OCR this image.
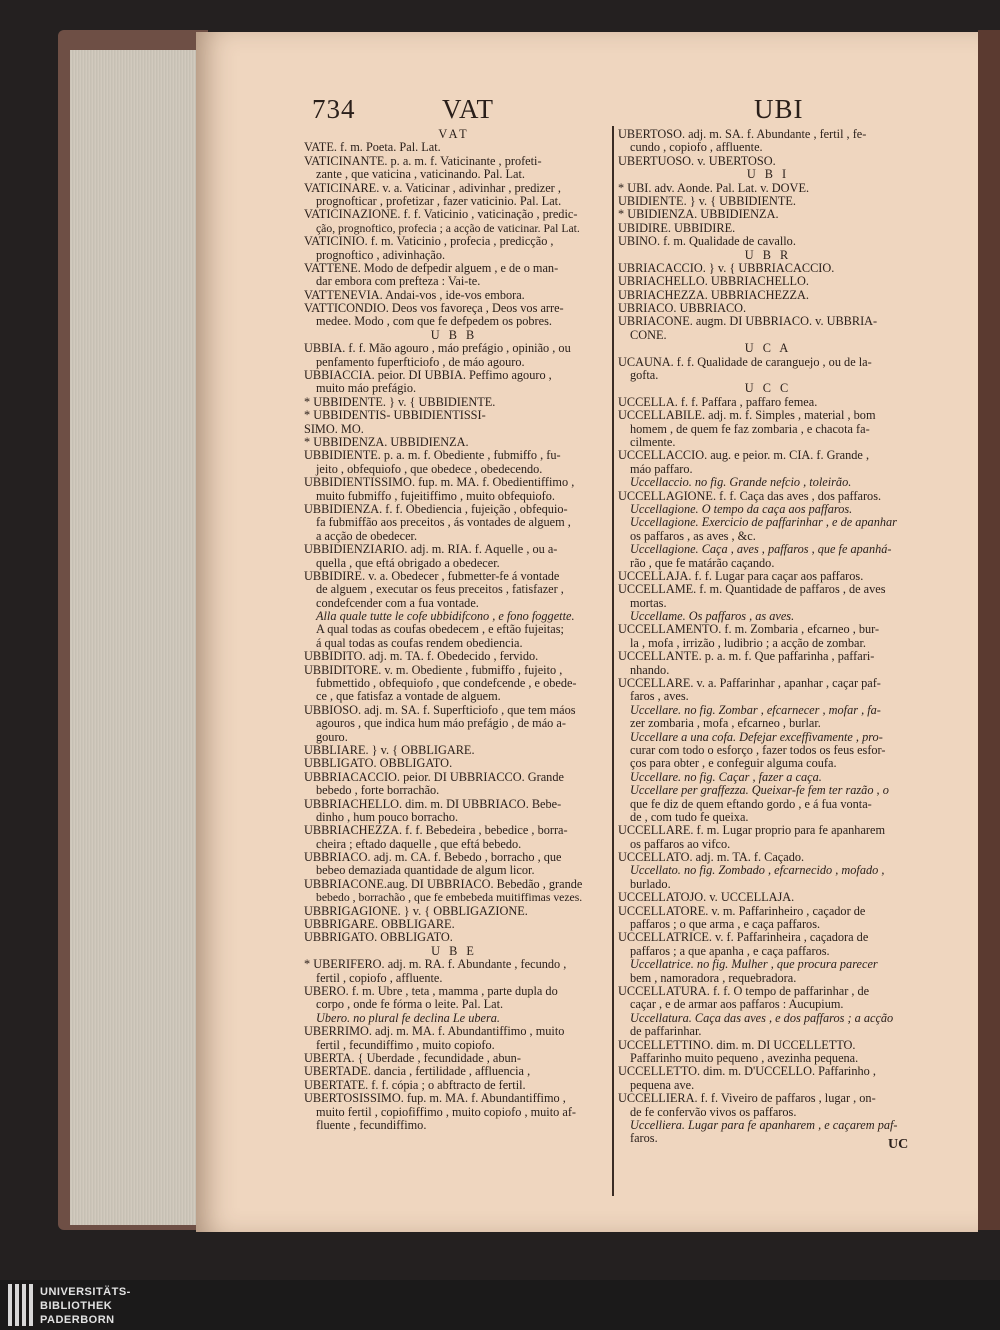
734	VAT	UBI
VAT
VATE. f. m. Poeta. Pal. Lat.
VATICINANTE. p. a. m. f. Vaticinante , profeti-
zante , que vaticina , vaticinando. Pal. Lat.
VATICINARE. v. a. Vaticinar , adivinhar , predizer ,
prognofticar , profetizar , fazer vaticinio. Pal. Lat.
VATICINAZIONE. f. f. Vaticinio , vaticinação , predic-
ção, prognoftico, profecia ; a acção de vaticinar. Pal Lat.
VATICINIO. f. m. Vaticinio , profecia , predicção ,
prognoftico , adivinhação.
VATTENE. Modo de defpedir alguem , e de o man-
dar embora com prefteza : Vai-te.
VATTENEVIA. Andai-vos , ide-vos embora.
VATTICONDIO. Deos vos favoreça , Deos vos arre-
medee. Modo , com que fe defpedem os pobres.
U B B
UBBIA. f. f. Mão agouro , máo prefágio , opinião , ou
penfamento fuperfticiofo , de máo agouro.
UBBIACCIA. peior. DI UBBIA. Peffimo agouro ,
muito máo prefágio.
* UBBIDENTE. } v. { UBBIDIENTE.
* UBBIDENTIS- UBBIDIENTISSI-
SIMO. MO.
* UBBIDENZA. UBBIDIENZA.
UBBIDIENTE. p. a. m. f. Obediente , fubmiffo , fu-
jeito , obfequiofo , que obedece , obedecendo.
UBBIDIENTISSIMO. fup. m. MA. f. Obedientiffimo ,
muito fubmiffo , fujeitiffimo , muito obfequiofo.
UBBIDIENZA. f. f. Obediencia , fujeição , obfequio-
fa fubmiffão aos preceitos , ás vontades de alguem ,
a acção de obedecer.
UBBIDIENZIARIO. adj. m. RIA. f. Aquelle , ou a-
quella , que eftá obrigado a obedecer.
UBBIDIRE. v. a. Obedecer , fubmetter-fe á vontade
de alguem , executar os feus preceitos , fatisfazer ,
condefcender com a fua vontade.
Alla quale tutte le cofe ubbidifcono , e fono foggette.
A qual todas as coufas obedecem , e eftão fujeitas;
á qual todas as coufas rendem obediencia.
UBBIDITO. adj. m. TA. f. Obedecido , fervido.
UBBIDITORE. v. m. Obediente , fubmiffo , fujeito ,
fubmettido , obfequiofo , que condefcende , e obede-
ce , que fatisfaz a vontade de alguem.
UBBIOSO. adj. m. SA. f. Superfticiofo , que tem máos
agouros , que indica hum máo prefágio , de máo a-
gouro.
UBBLIARE. } v. { OBBLIGARE.
UBBLIGATO. OBBLIGATO.
UBBRIACACCIO. peior. DI UBBRIACCO. Grande
bebedo , forte borrachão.
UBBRIACHELLO. dim. m. DI UBBRIACO. Bebe-
dinho , hum pouco borracho.
UBBRIACHEZZA. f. f. Bebedeira , bebedice , borra-
cheira ; eftado daquelle , que eftá bebedo.
UBBRIACO. adj. m. CA. f. Bebedo , borracho , que
bebeo demaziada quantidade de algum licor.
UBBRIACONE.aug. DI UBBRIACO. Bebedão , grande
bebedo , borrachão , que fe embebeda muitiffimas vezes.
UBBRIGAGIONE. } v. { OBBLIGAZIONE.
UBBRIGARE. OBBLIGARE.
UBBRIGATO. OBBLIGATO.
U B E
* UBERIFERO. adj. m. RA. f. Abundante , fecundo ,
fertil , copiofo , affluente.
UBERO. f. m. Ubre , teta , mamma , parte dupla do
corpo , onde fe fórma o leite. Pal. Lat.
Ubero. no plural fe declina Le ubera.
UBERRIMO. adj. m. MA. f. Abundantiffimo , muito
fertil , fecundiffimo , muito copiofo.
UBERTA. { Uberdade , fecundidade , abun-
UBERTADE. dancia , fertilidade , affluencia ,
UBERTATE. f. f. cópia ; o abftracto de fertil.
UBERTOSISSIMO. fup. m. MA. f. Abundantiffimo ,
muito fertil , copiofiffimo , muito copiofo , muito af-
fluente , fecundiffimo.
UBERTOSO. adj. m. SA. f. Abundante , fertil , fe-
cundo , copiofo , affluente.
UBERTUOSO. v. UBERTOSO.
U B I
* UBI. adv. Aonde. Pal. Lat. v. DOVE.
UBIDIENTE. } v. { UBBIDIENTE.
* UBIDIENZA. UBBIDIENZA.
UBIDIRE. UBBIDIRE.
UBINO. f. m. Qualidade de cavallo.
U B R
UBRIACACCIO. } v. { UBBRIACACCIO.
UBRIACHELLO. UBBRIACHELLO.
UBRIACHEZZA. UBBRIACHEZZA.
UBRIACO. UBBRIACO.
UBRIACONE. augm. DI UBBRIACO. v. UBBRIA-
CONE.
U C A
UCAUNA. f. f. Qualidade de caranguejo , ou de la-
gofta.
U C C
UCCELLA. f. f. Paffara , paffaro femea.
UCCELLABILE. adj. m. f. Simples , material , bom
homem , de quem fe faz zombaria , e chacota fa-
cilmente.
UCCELLACCIO. aug. e peior. m. CIA. f. Grande ,
máo paffaro.
Uccellaccio. no fig. Grande nefcio , toleirão.
UCCELLAGIONE. f. f. Caça das aves , dos paffaros.
Uccellagione. O tempo da caça aos paffaros.
Uccellagione. Exercicio de paffarinhar , e de apanhar
os paffaros , as aves , &c.
Uccellagione. Caça , aves , paffaros , que fe apanhá-
rão , que fe matárão caçando.
UCCELLAJA. f. f. Lugar para caçar aos paffaros.
UCCELLAME. f. m. Quantidade de paffaros , de aves
mortas.
Uccellame. Os paffaros , as aves.
UCCELLAMENTO. f. m. Zombaria , efcarneo , bur-
la , mofa , irrizão , ludibrio ; a acção de zombar.
UCCELLANTE. p. a. m. f. Que paffarinha , paffari-
nhando.
UCCELLARE. v. a. Paffarinhar , apanhar , caçar paf-
faros , aves.
Uccellare. no fig. Zombar , efcarnecer , mofar , fa-
zer zombaria , mofa , efcarneo , burlar.
Uccellare a una cofa. Defejar exceffivamente , pro-
curar com todo o esforço , fazer todos os feus esfor-
ços para obter , e confeguir alguma coufa.
Uccellare. no fig. Caçar , fazer a caça.
Uccellare per graffezza. Queixar-fe fem ter razão , o
que fe diz de quem eftando gordo , e á fua vonta-
de , com tudo fe queixa.
UCCELLARE. f. m. Lugar proprio para fe apanharem
os paffaros ao vifco.
UCCELLATO. adj. m. TA. f. Caçado.
Uccellato. no fig. Zombado , efcarnecido , mofado ,
burlado.
UCCELLATOJO. v. UCCELLAJA.
UCCELLATORE. v. m. Paffarinheiro , caçador de
paffaros ; o que arma , e caça paffaros.
UCCELLATRICE. v. f. Paffarinheira , caçadora de
paffaros ; a que apanha , e caça paffaros.
Uccellatrice. no fig. Mulher , que procura parecer
bem , namoradora , requebradora.
UCCELLATURA. f. f. O tempo de paffarinhar , de
caçar , e de armar aos paffaros : Aucupium.
Uccellatura. Caça das aves , e dos paffaros ; a acção
de paffarinhar.
UCCELLETTINO. dim. m. DI UCCELLETTO.
Paffarinho muito pequeno , avezinha pequena.
UCCELLETTO. dim. m. D'UCCELLO. Paffarinho ,
pequena ave.
UCCELLIERA. f. f. Viveiro de paffaros , lugar , on-
de fe confervão vivos os paffaros.
Uccelliera. Lugar para fe apanharem , e caçarem paf-
faros.	UC
UNIVERSITÄTS-
BIBLIOTHEK
PADERBORN
